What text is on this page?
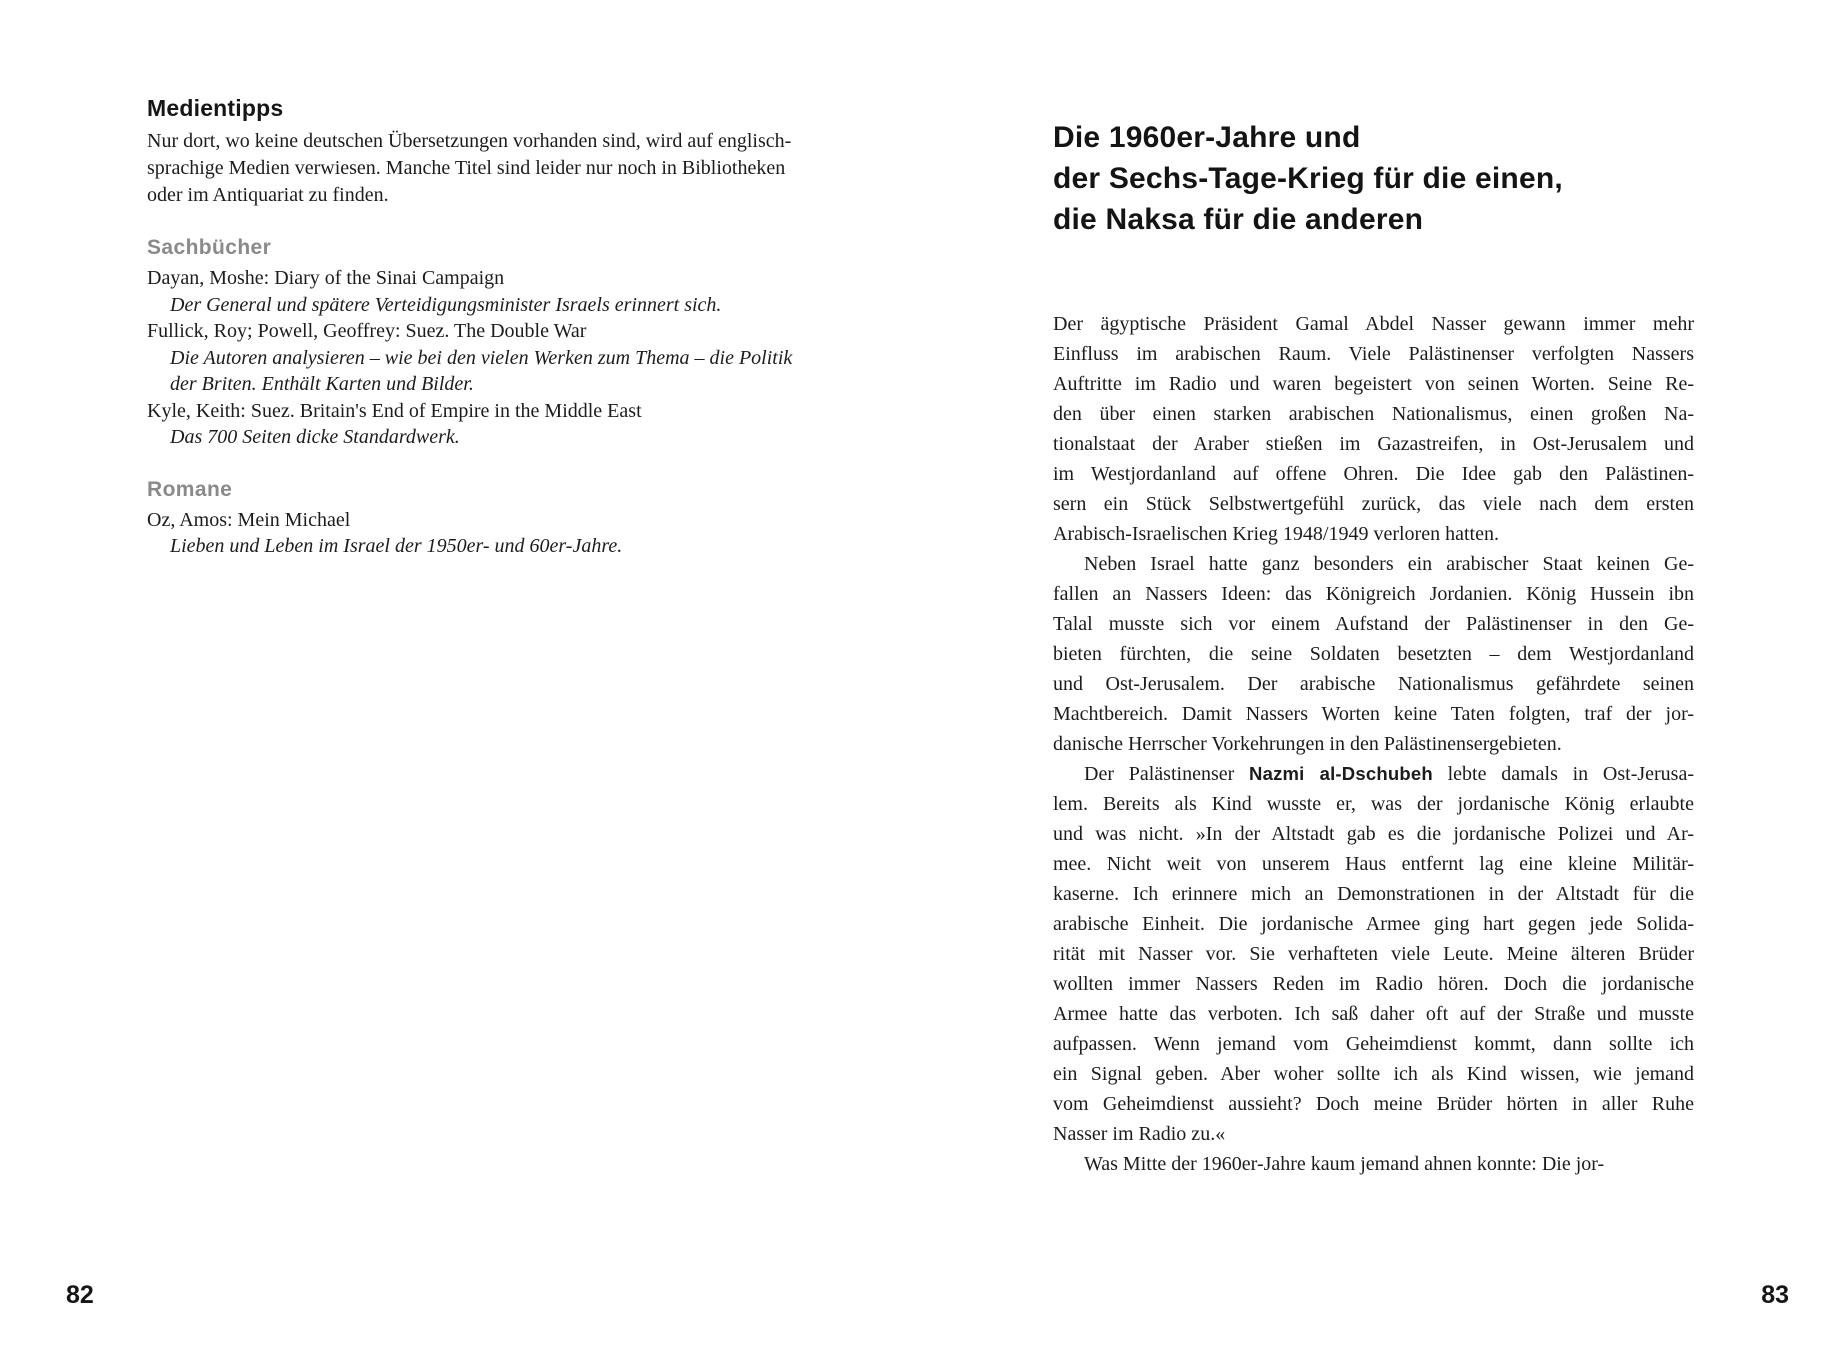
Medientipps
Nur dort, wo keine deutschen Übersetzungen vorhanden sind, wird auf englisch-
sprachige Medien verwiesen. Manche Titel sind leider nur noch in Bibliotheken
oder im Antiquariat zu finden.
Sachbücher
Dayan, Moshe: Diary of the Sinai Campaign
Der General und spätere Verteidigungsminister Israels erinnert sich.
Fullick, Roy; Powell, Geoffrey: Suez. The Double War
Die Autoren analysieren – wie bei den vielen Werken zum Thema – die Politik
der Briten. Enthält Karten und Bilder.
Kyle, Keith: Suez. Britain's End of Empire in the Middle East
Das 700 Seiten dicke Standardwerk.
Romane
Oz, Amos: Mein Michael
Lieben und Leben im Israel der 1950er- und 60er-Jahre.
Die 1960er-Jahre und
der Sechs-Tage-Krieg für die einen,
die Naksa für die anderen
Der ägyptische Präsident Gamal Abdel Nasser gewann immer mehr
Einfluss im arabischen Raum. Viele Palästinenser verfolgten Nassers
Auftritte im Radio und waren begeistert von seinen Worten. Seine Re-
den über einen starken arabischen Nationalismus, einen großen Na-
tionalstaat der Araber stießen im Gazastreifen, in Ost-Jerusalem und
im Westjordanland auf offene Ohren. Die Idee gab den Palästinen-
sern ein Stück Selbstwertgefühl zurück, das viele nach dem ersten
Arabisch-Israelischen Krieg 1948/1949 verloren hatten.
Neben Israel hatte ganz besonders ein arabischer Staat keinen Ge-
fallen an Nassers Ideen: das Königreich Jordanien. König Hussein ibn
Talal musste sich vor einem Aufstand der Palästinenser in den Ge-
bieten fürchten, die seine Soldaten besetzten – dem Westjordanland
und Ost-Jerusalem. Der arabische Nationalismus gefährdete seinen
Machtbereich. Damit Nassers Worten keine Taten folgten, traf der jor-
danische Herrscher Vorkehrungen in den Palästinensergebieten.
Der Palästinenser Nazmi al-Dschubeh lebte damals in Ost-Jerusa-
lem. Bereits als Kind wusste er, was der jordanische König erlaubte
und was nicht. »In der Altstadt gab es die jordanische Polizei und Ar-
mee. Nicht weit von unserem Haus entfernt lag eine kleine Militär-
kaserne. Ich erinnere mich an Demonstrationen in der Altstadt für die
arabische Einheit. Die jordanische Armee ging hart gegen jede Solida-
rität mit Nasser vor. Sie verhafteten viele Leute. Meine älteren Brüder
wollten immer Nassers Reden im Radio hören. Doch die jordanische
Armee hatte das verboten. Ich saß daher oft auf der Straße und musste
aufpassen. Wenn jemand vom Geheimdienst kommt, dann sollte ich
ein Signal geben. Aber woher sollte ich als Kind wissen, wie jemand
vom Geheimdienst aussieht? Doch meine Brüder hörten in aller Ruhe
Nasser im Radio zu.«
Was Mitte der 1960er-Jahre kaum jemand ahnen konnte: Die jor-
82	83
